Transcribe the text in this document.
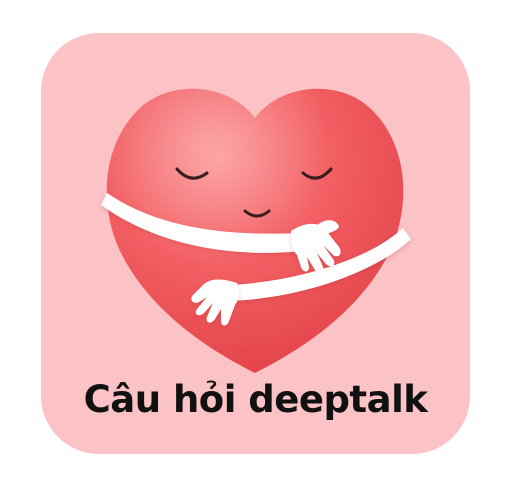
Câu hỏi deeptalk
